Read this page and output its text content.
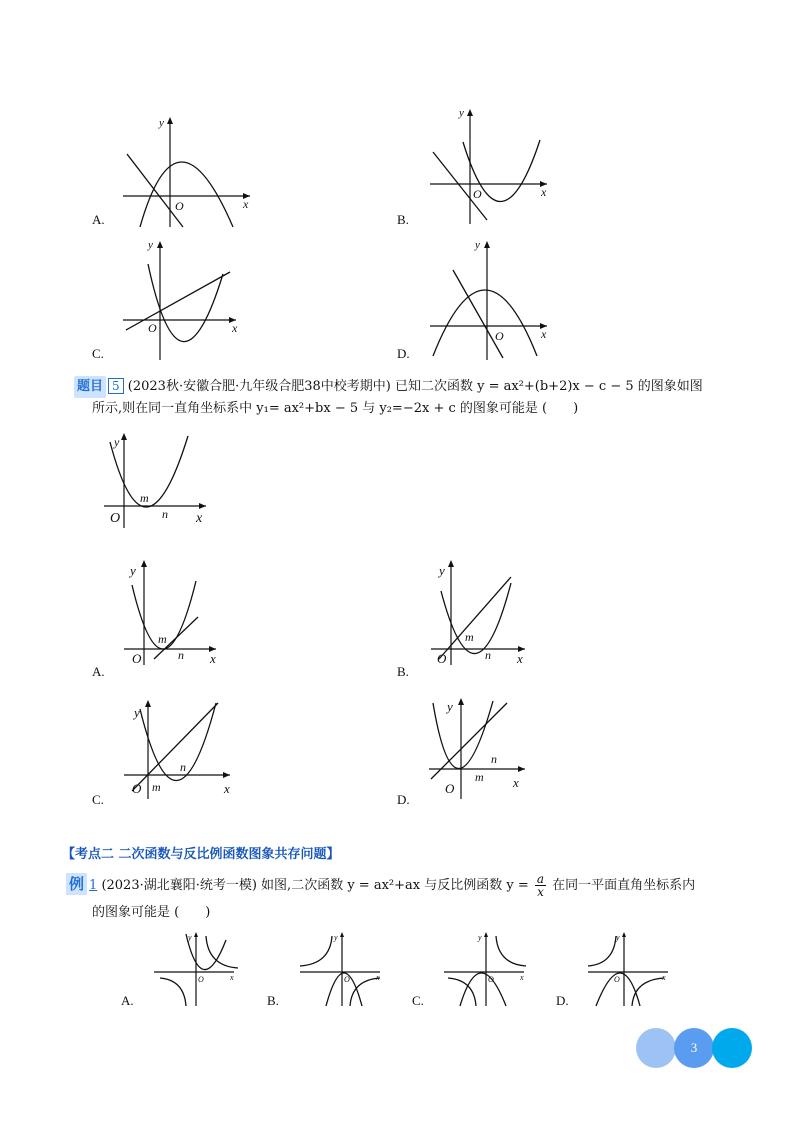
O	x
y
A.
O	x
y
B.
O	x
y
C.
O	x
y
D.
题目 5 (2023秋·安徽合肥·九年级合肥38中校考期中) 已知二次函数 y = ax²+(b+2)x − c − 5 的图象如图
所示,则在同一直角坐标系中 y₁= ax²+bx − 5 与 y₂=−2x + c 的图象可能是 (　　)
O	x
y
m
n
O	x
y
m
n
A.
O	x
y
m
n
B.
O	x
y
m
n
C.
O	x
y
m
n
D.
【考点二 二次函数与反比例函数图象共存问题】
例 1 (2023·湖北襄阳·统考一模) 如图,二次函数 y = ax²+ax 与反比例函数 $y = \frac{a}{x}$ 在同一平面直角坐标系内
的图象可能是 (　　)
y
x
O
A.
y
x
O
B.
y
x
O
C.
y
x
O
D.
3
